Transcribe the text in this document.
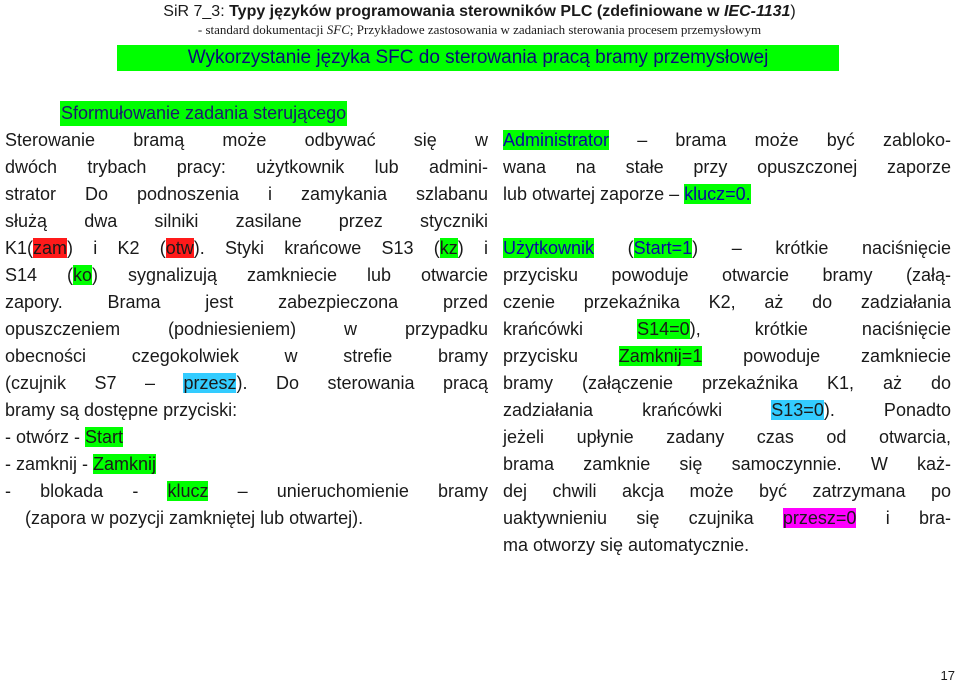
SiR 7_3: Typy języków programowania sterowników PLC (zdefiniowane w IEC-1131)
- standard dokumentacji SFC; Przykładowe zastosowania w zadaniach sterowania procesem przemysłowym
Wykorzystanie języka SFC do sterowania pracą bramy przemysłowej
Sformułowanie zadania sterującego
Sterowanie bramą może odbywać się w
dwóch trybach pracy: użytkownik lub admini-
strator Do podnoszenia i zamykania szlabanu
służą dwa silniki zasilane przez styczniki
K1(zam) i K2 (otw). Styki krańcowe S13 (kz) i
S14 (ko) sygnalizują zamkniecie lub otwarcie
zapory. Brama jest zabezpieczona przed
opuszczeniem (podniesieniem) w przypadku
obecności czegokolwiek w strefie bramy
(czujnik S7 – przesz). Do sterowania pracą
bramy są dostępne przyciski:
- otwórz - Start
- zamknij - Zamknij
- blokada - klucz – unieruchomienie bramy
(zapora w pozycji zamkniętej lub otwartej).
Administrator – brama może być zabloko-
wana na stałe przy opuszczonej zaporze
lub otwartej zaporze – klucz=0.

Użytkownik (Start=1) – krótkie naciśnięcie
przycisku powoduje otwarcie bramy (załą-
czenie przekaźnika K2, aż do zadziałania
krańcówki S14=0), krótkie naciśnięcie
przycisku Zamknij=1 powoduje zamkniecie
bramy (załączenie przekaźnika K1, aż do
zadziałania krańcówki S13=0). Ponadto
jeżeli upłynie zadany czas od otwarcia,
brama zamknie się samoczynnie. W każ-
dej chwili akcja może być zatrzymana po
uaktywnieniu się czujnika przesz=0 i bra-
ma otworzy się automatycznie.
17
